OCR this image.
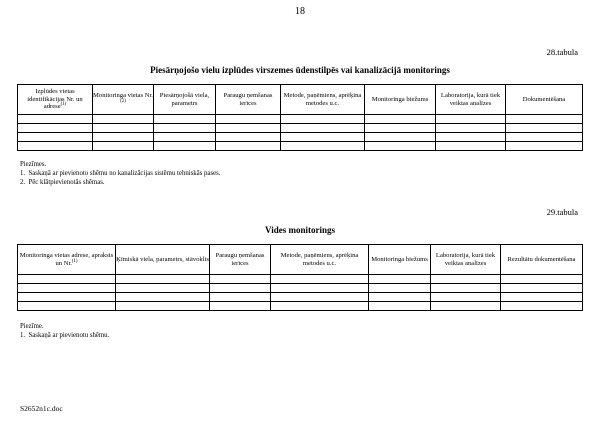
18
28.tabula
Piesārņojošo vielu izplūdes virszemes ūdenstilpēs vai kanalizācijā monitorings
Izplūdes vietas identifikācijas Nr. un adrese$^{(1)}$	Monitoringa vietas Nr.$^{(2)}$	Piesārņojošā viela, parametrs	Paraugu ņemšanas ierīces	Metode, paņēmiens, aprēķina metodes u.c.	Monitoringa biežums	Laboratorija, kurā tiek veiktas analīzes	Dokumentēšana

Piezīmes.
1.  Saskaņā ar pievienoto shēmu no kanalizācijas sistēmu tehniskās pases.
2.  Pēc klātpievienotās shēmas.
29.tabula
Vides monitorings
Monitoringa vietas adrese, apraksts un Nr.$^{(1)}$	Ķīmiskā viela, parametrs, stāvoklis	Paraugu ņemšanas ierīces	Metode, paņēmiens, aprēķina metodes u.c.	Monitoringa biežums	Laboratorija, kurā tiek veiktas analīzes	Rezultātu dokumentēšana

Piezīme.
1.  Saskaņā ar pievienotu shēmu.
S2652n1c.doc
